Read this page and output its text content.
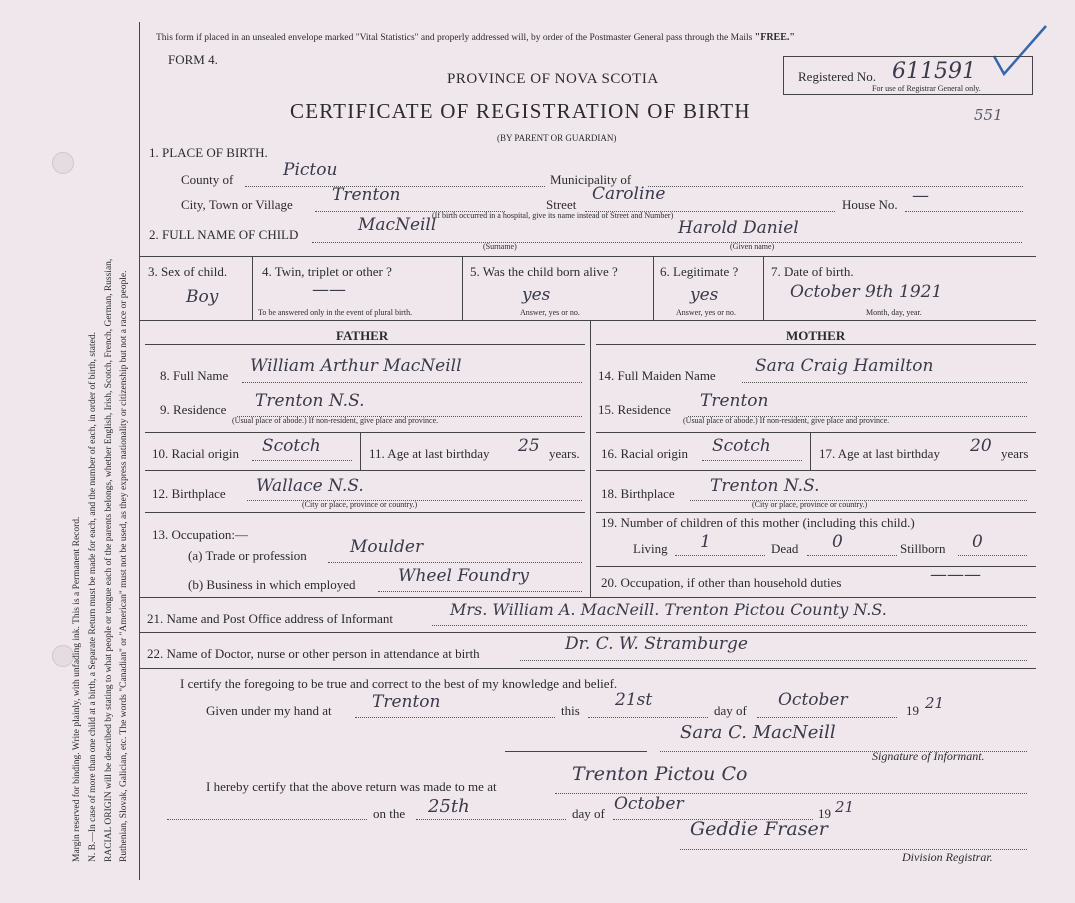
Margin reserved for binding. Write plainly, with unfading ink. This is a Permanent Record. N. B.—In case of more than one child at a birth, a Separate Return must be made for each, and the number of each, in order of birth, stated. RACIAL ORIGIN will be described by stating to what people or tongue each of the parents belongs, whether English, Irish, Scotch, French, German, Russian, Ruthenian, Slovak, Galician, etc. The words "Canadian" or "American" must not be used, as they express nationality or citizenship but not a race or people.
This form if placed in an unsealed envelope marked "Vital Statistics" and properly addressed will, by order of the Postmaster General pass through the Mails "FREE."
FORM 4.
PROVINCE OF NOVA SCOTIA
CERTIFICATE OF REGISTRATION OF BIRTH
(BY PARENT OR GUARDIAN)
Registered No. 611591
For use of Registrar General only.
551
1. PLACE OF BIRTH.
County of	Pictou	Municipality of
City, Town or Village Trenton	Street
Caroline
House No. —
(If birth occurred in a hospital, give its name instead of Street and Number)
2. FULL NAME OF CHILD	MacNeill
(Surname)
Harold Daniel
(Given name)
3. Sex of child.
Boy
4. Twin, triplet or other ?
——
To be answered only in the event of plural birth.
5. Was the child born alive ?
yes
Answer, yes or no.
6. Legitimate ?
yes
Answer, yes or no.
7. Date of birth.
October 9th 1921
Month, day, year.
FATHER	MOTHER
8. Full Name William Arthur MacNeill
9. Residence Trenton N.S.
(Usual place of abode.) If non-resident, give place and province.
10. Racial origin Scotch	11. Age at last birthday 25 years.
12. Birthplace Wallace N.S.
(City or place, province or country.)
13. Occupation:—
(a) Trade or profession	Moulder
(b) Business in which employed Wheel Foundry
14. Full Maiden Name Sara Craig Hamilton
15. Residence Trenton
(Usual place of abode.) If non-resident, give place and province.
16. Racial origin Scotch	17. Age at last birthday 20 years
18. Birthplace Trenton N.S.
(City or place, province or country.)
19. Number of children of this mother (including this child.)
Living 1	Dead 0	Stillborn 0
20. Occupation, if other than household duties	———
21. Name and Post Office address of Informant	Mrs. William A. MacNeill. Trenton Pictou County N.S.
22. Name of Doctor, nurse or other person in attendance at birth	Dr. C. W. Stramburge
I certify the foregoing to be true and correct to the best of my knowledge and belief.
Given under my hand at Trenton	this
21st
day of
October
19 21
Sara C. MacNeill
Signature of Informant.
I hereby certify that the above return was made to me at
Trenton Pictou Co
on the 25th	day of October	19 21
Geddie Fraser
Division Registrar.
